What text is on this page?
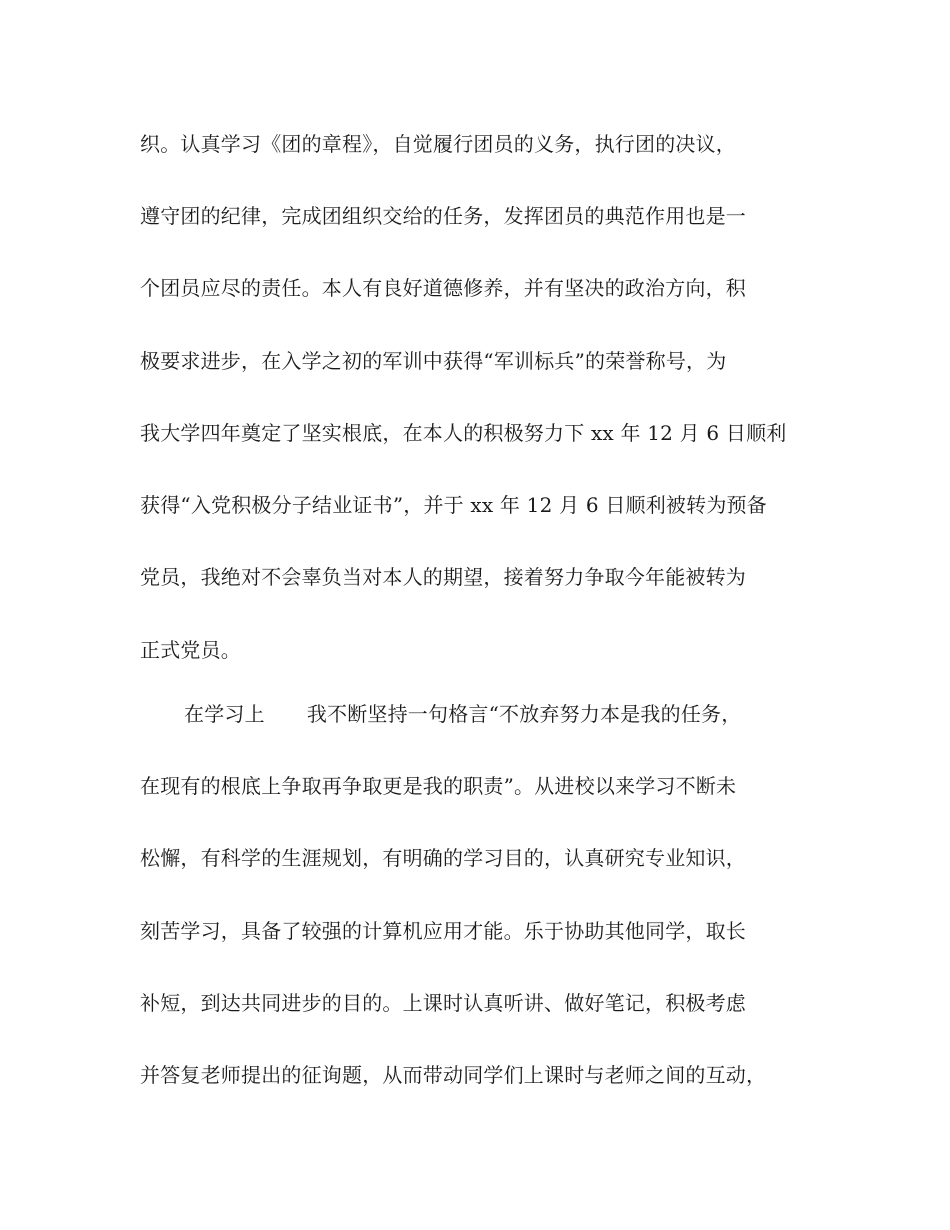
织。认真学习《团的章程》，自觉履行团员的义务，执行团的决议，
遵守团的纪律，完成团组织交给的任务，发挥团员的典范作用也是一
个团员应尽的责任。本人有良好道德修养，并有坚决的政治方向，积
极要求进步，在入学之初的军训中获得“军训标兵”的荣誉称号，为
我大学四年奠定了坚实根底，在本人的积极努力下 xx 年 12 月 6 日顺利
获得“入党积极分子结业证书”，并于 xx 年 12 月 6 日顺利被转为预备
党员，我绝对不会辜负当对本人的期望，接着努力争取今年能被转为
正式党员。
在学习上 我不断坚持一句格言“不放弃努力本是我的任务，
在现有的根底上争取再争取更是我的职责”。从进校以来学习不断未
松懈，有科学的生涯规划，有明确的学习目的，认真研究专业知识，
刻苦学习，具备了较强的计算机应用才能。乐于协助其他同学，取长
补短，到达共同进步的目的。上课时认真听讲、做好笔记，积极考虑
并答复老师提出的征询题，从而带动同学们上课时与老师之间的互动，
